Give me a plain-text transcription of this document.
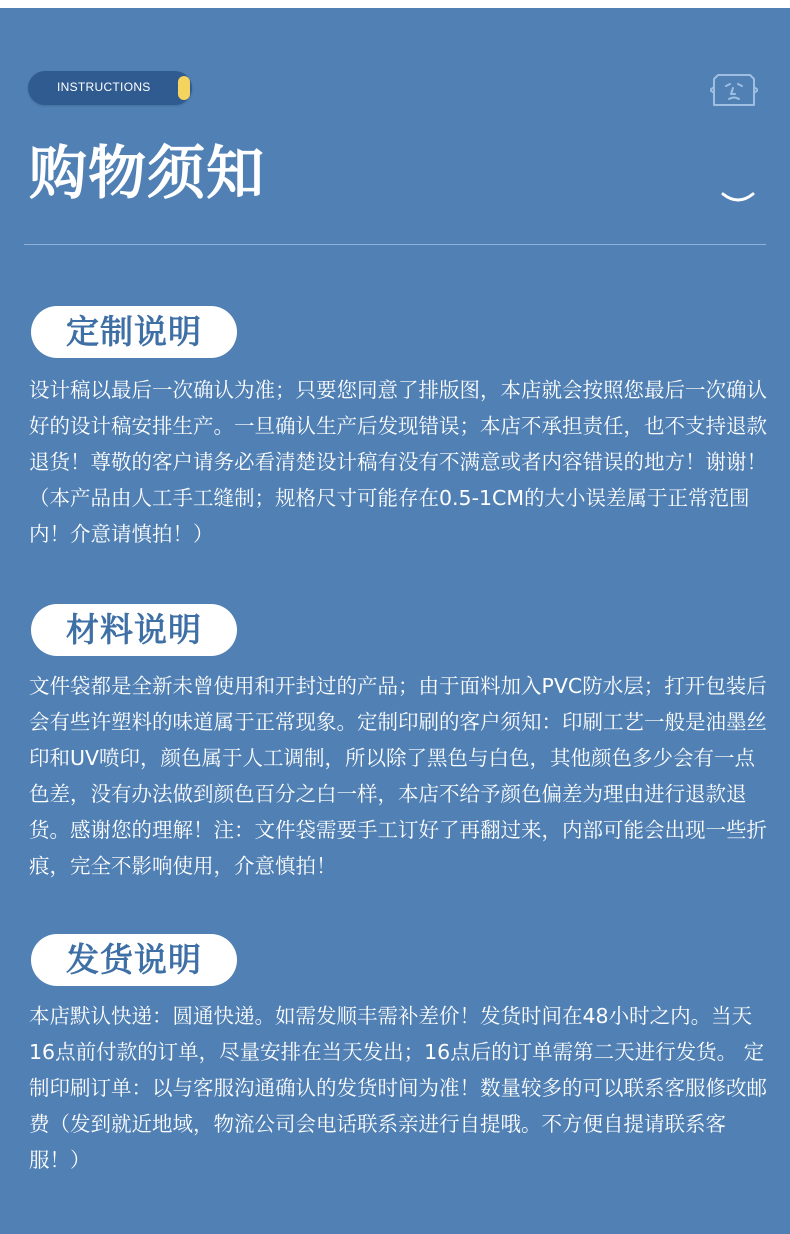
INSTRUCTIONS
购物须知
定制说明

设计稿以最后一次确认为准；只要您同意了排版图，本店就会按照您最后一次确认好的设计稿安排生产。一旦确认生产后发现错误；本店不承担责任，也不支持退款退货！尊敬的客户请务必看清楚设计稿有没有不满意或者内容错误的地方！谢谢！（本产品由人工手工缝制；规格尺寸可能存在0.5-1CM的大小误差属于正常范围内！介意请慎拍！）

材料说明

文件袋都是全新未曾使用和开封过的产品；由于面料加入PVC防水层；打开包装后会有些许塑料的味道属于正常现象。定制印刷的客户须知：印刷工艺一般是油墨丝印和UV喷印，颜色属于人工调制，所以除了黑色与白色，其他颜色多少会有一点色差，没有办法做到颜色百分之白一样，本店不给予颜色偏差为理由进行退款退货。感谢您的理解！注：文件袋需要手工订好了再翻过来，内部可能会出现一些折痕，完全不影响使用，介意慎拍！

发货说明

本店默认快递：圆通快递。如需发顺丰需补差价！发货时间在48小时之内。当天16点前付款的订单，尽量安排在当天发出；16点后的订单需第二天进行发货。 定制印刷订单：以与客服沟通确认的发货时间为准！数量较多的可以联系客服修改邮费（发到就近地域，物流公司会电话联系亲进行自提哦。不方便自提请联系客服！）
